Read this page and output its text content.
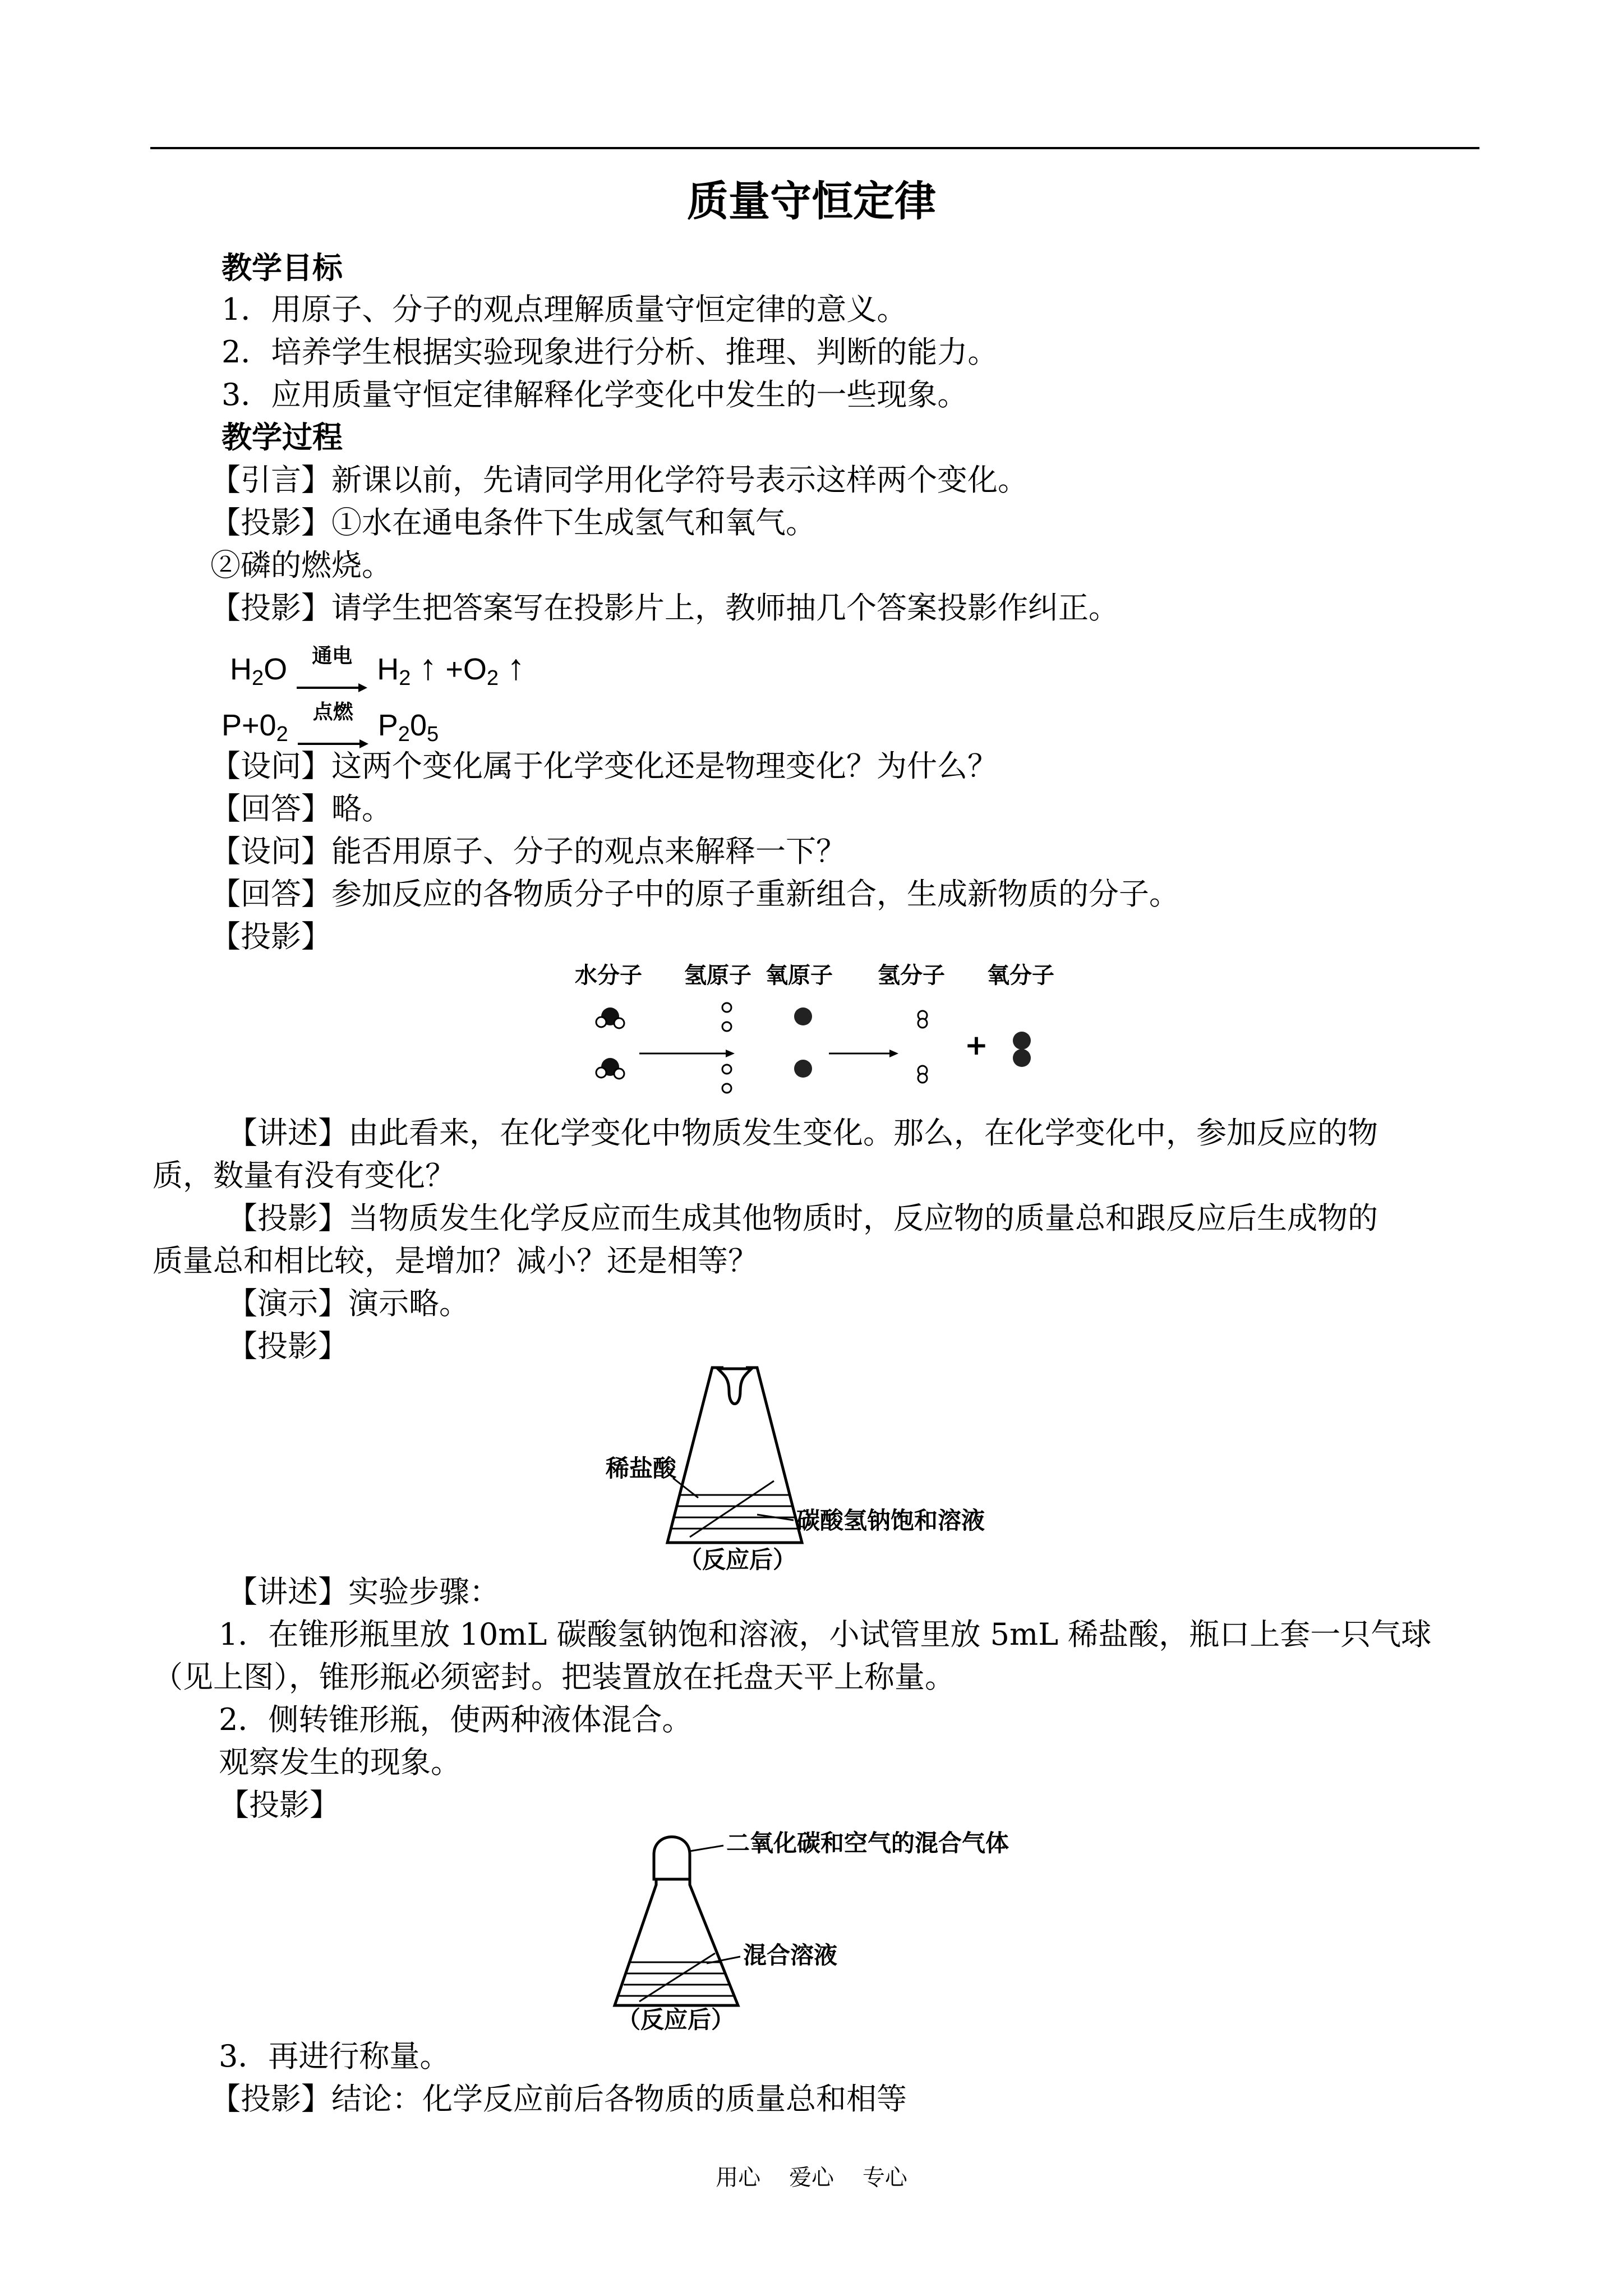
质量守恒定律
教学目标
1．用原子、分子的观点理解质量守恒定律的意义。
2．培养学生根据实验现象进行分析、推理、判断的能力。
3．应用质量守恒定律解释化学变化中发生的一些现象。
教学过程
【引言】新课以前，先请同学用化学符号表示这样两个变化。
【投影】①水在通电条件下生成氢气和氧气。
②磷的燃烧。
【投影】请学生把答案写在投影片上，教师抽几个答案投影作纠正。
$H_2O$	通电 $H_2$ ↑ $+O_2$ ↑
$P+0_2$
点燃 $P_20_5$
【设问】这两个变化属于化学变化还是物理变化？为什么？
【回答】略。
【设问】能否用原子、分子的观点来解释一下？
【回答】参加反应的各物质分子中的原子重新组合，生成新物质的分子。
【投影】
水分子 氢原子 氧原子 氢分子 氧分子
+
【讲述】由此看来，在化学变化中物质发生变化。那么，在化学变化中，参加反应的物
质，数量有没有变化？
【投影】当物质发生化学反应而生成其他物质时，反应物的质量总和跟反应后生成物的
质量总和相比较，是增加？减小？还是相等？
【演示】演示略。
【投影】
稀盐酸
碳酸氢钠饱和溶液
（反应后）
【讲述】实验步骤：
1．在锥形瓶里放 10mL 碳酸氢钠饱和溶液，小试管里放 5mL 稀盐酸，瓶口上套一只气球
（见上图），锥形瓶必须密封。把装置放在托盘天平上称量。
2．侧转锥形瓶，使两种液体混合。
观察发生的现象。
【投影】
二氧化碳和空气的混合气体
混合溶液
（反应后）
3．再进行称量。
【投影】结论：化学反应前后各物质的质量总和相等
用心    爱心    专心
